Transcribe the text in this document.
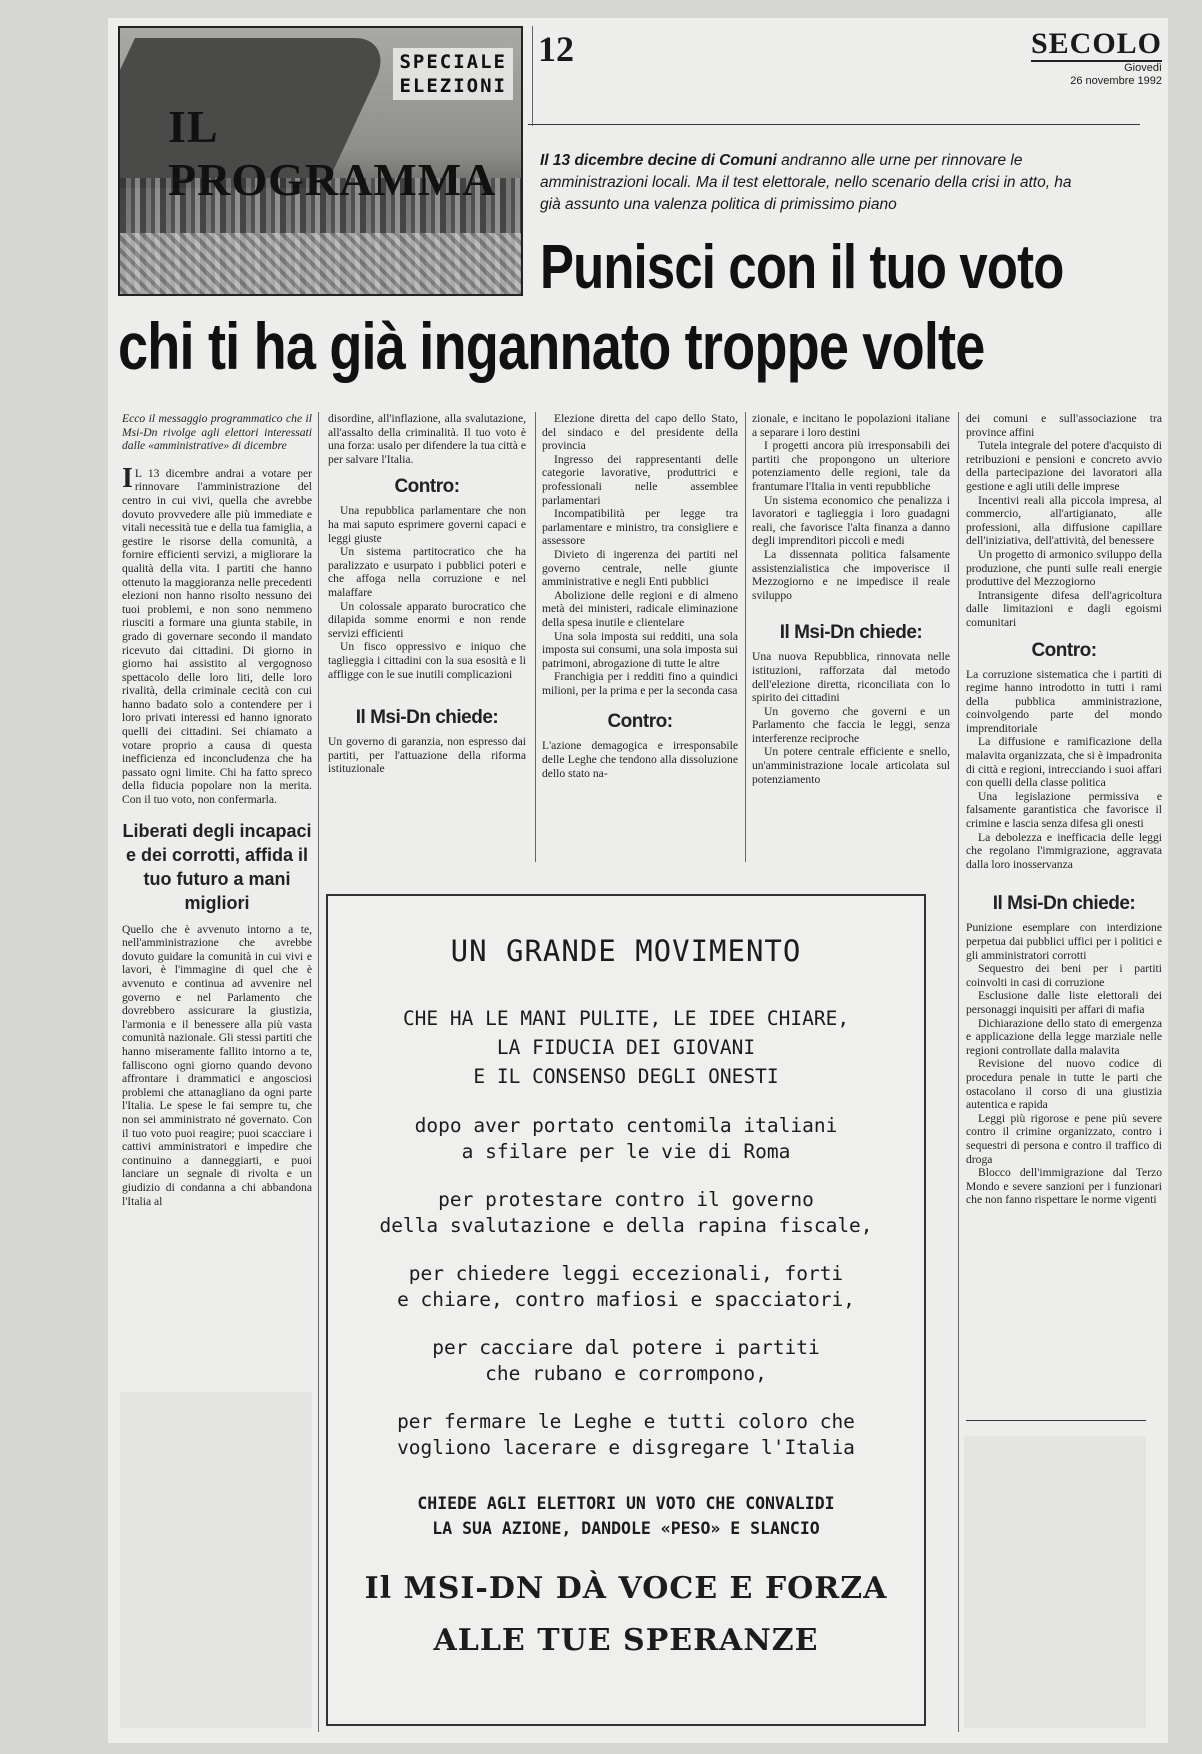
SPECIALE
ELEZIONI
IL PROGRAMMA
12	SECOLO
Giovedì
26 novembre 1992
Il 13 dicembre decine di Comuni andranno alle urne per rinnovare le amministrazioni locali. Ma il test elettorale, nello scenario della crisi in atto, ha già assunto una valenza politica di primissimo piano
Punisci con il tuo voto
chi ti ha già ingannato troppe volte

Ecco il messaggio programmatico che il Msi-Dn rivolge agli elettori interessati dalle «amministrative» di dicembre

IL 13 dicembre andrai a votare per rinnovare l'amministrazione del centro in cui vivi, quella che avrebbe dovuto provvedere alle più immediate e vitali necessità tue e della tua famiglia, a gestire le risorse della comunità, a fornire efficienti servizi, a migliorare la qualità della vita. I partiti che hanno ottenuto la maggioranza nelle precedenti elezioni non hanno risolto nessuno dei tuoi problemi, e non sono nemmeno riusciti a formare una giunta stabile, in grado di governare secondo il mandato ricevuto dai cittadini. Di giorno in giorno hai assistito al vergognoso spettacolo delle loro liti, delle loro rivalità, della criminale cecità con cui hanno badato solo a contendere per i loro privati interessi ed hanno ignorato quelli dei cittadini. Sei chiamato a votare proprio a causa di questa inefficienza ed inconcludenza che ha passato ogni limite. Chi ha fatto spreco della fiducia popolare non la merita. Con il tuo voto, non confermarla.

Liberati degli incapaci e dei corrotti, affida il tuo futuro a mani migliori

Quello che è avvenuto intorno a te, nell'amministrazione che avrebbe dovuto guidare la comunità in cui vivi e lavori, è l'immagine di quel che è avvenuto e continua ad avvenire nel governo e nel Parlamento che dovrebbero assicurare la giustizia, l'armonia e il benessere alla più vasta comunità nazionale. Gli stessi partiti che hanno miseramente fallito intorno a te, falliscono ogni giorno quando devono affrontare i drammatici e angosciosi problemi che attanagliano da ogni parte l'Italia. Le spese le fai sempre tu, che non sei amministrato né governato. Con il tuo voto puoi reagire; puoi scacciare i cattivi amministratori e impedire che continuino a danneggiarti, e puoi lanciare un segnale di rivolta e un giudizio di condanna a chi abbandona l'Italia al

disordine, all'inflazione, alla svalutazione, all'assalto della criminalità. Il tuo voto è una forza: usalo per difendere la tua città e per salvare l'Italia.

Contro:

Una repubblica parlamentare che non ha mai saputo esprimere governi capaci e leggi giuste

Un sistema partitocratico che ha paralizzato e usurpato i pubblici poteri e che affoga nella corruzione e nel malaffare

Un colossale apparato burocratico che dilapida somme enormi e non rende servizi efficienti

Un fisco oppressivo e iniquo che taglieggia i cittadini con la sua esosità e li affligge con le sue inutili complicazioni

Il Msi-Dn chiede:

Un governo di garanzia, non espresso dai partiti, per l'attuazione della riforma istituzionale

Elezione diretta del capo dello Stato, del sindaco e del presidente della provincia

Ingresso dei rappresentanti delle categorie lavorative, produttrici e professionali nelle assemblee parlamentari

Incompatibilità per legge tra parlamentare e ministro, tra consigliere e assessore

Divieto di ingerenza dei partiti nel governo centrale, nelle giunte amministrative e negli Enti pubblici

Abolizione delle regioni e di almeno metà dei ministeri, radicale eliminazione della spesa inutile e clientelare

Una sola imposta sui redditi, una sola imposta sui consumi, una sola imposta sui patrimoni, abrogazione di tutte le altre

Franchigia per i redditi fino a quindici milioni, per la prima e per la seconda casa

Contro:

L'azione demagogica e irresponsabile delle Leghe che tendono alla dissoluzione dello stato na-

zionale, e incitano le popolazioni italiane a separare i loro destini

I progetti ancora più irresponsabili dei partiti che propongono un ulteriore potenziamento delle regioni, tale da frantumare l'Italia in venti repubbliche

Un sistema economico che penalizza i lavoratori e taglieggia i loro guadagni reali, che favorisce l'alta finanza a danno degli imprenditori piccoli e medi

La dissennata politica falsamente assistenzialistica che impoverisce il Mezzogiorno e ne impedisce il reale sviluppo

Il Msi-Dn chiede:

Una nuova Repubblica, rinnovata nelle istituzioni, rafforzata dal metodo dell'elezione diretta, riconciliata con lo spirito dei cittadini

Un governo che governi e un Parlamento che faccia le leggi, senza interferenze reciproche

Un potere centrale efficiente e snello, un'amministrazione locale articolata sul potenziamento

dei comuni e sull'associazione tra province affini

Tutela integrale del potere d'acquisto di retribuzioni e pensioni e concreto avvio della partecipazione dei lavoratori alla gestione e agli utili delle imprese

Incentivi reali alla piccola impresa, al commercio, all'artigianato, alle professioni, alla diffusione capillare dell'iniziativa, dell'attività, del benessere

Un progetto di armonico sviluppo della produzione, che punti sulle reali energie produttive del Mezzogiorno

Intransigente difesa dell'agricoltura dalle limitazioni e dagli egoismi comunitari

Contro:

La corruzione sistematica che i partiti di regime hanno introdotto in tutti i rami della pubblica amministrazione, coinvolgendo parte del mondo imprenditoriale

La diffusione e ramificazione della malavita organizzata, che si è impadronita di città e regioni, intrecciando i suoi affari con quelli della classe politica

Una legislazione permissiva e falsamente garantistica che favorisce il crimine e lascia senza difesa gli onesti

La debolezza e inefficacia delle leggi che regolano l'immigrazione, aggravata dalla loro inosservanza

Il Msi-Dn chiede:

Punizione esemplare con interdizione perpetua dai pubblici uffici per i politici e gli amministratori corrotti

Sequestro dei beni per i partiti coinvolti in casi di corruzione

Esclusione dalle liste elettorali dei personaggi inquisiti per affari di mafia

Dichiarazione dello stato di emergenza e applicazione della legge marziale nelle regioni controllate dalla malavita

Revisione del nuovo codice di procedura penale in tutte le parti che ostacolano il corso di una giustizia autentica e rapida

Leggi più rigorose e pene più severe contro il crimine organizzato, contro i sequestri di persona e contro il traffico di droga

Blocco dell'immigrazione dal Terzo Mondo e severe sanzioni per i funzionari che non fanno rispettare le norme vigenti

UN GRANDE MOVIMENTO
CHE HA LE MANI PULITE, LE IDEE CHIARE,
LA FIDUCIA DEI GIOVANI
E IL CONSENSO DEGLI ONESTI
dopo aver portato centomila italiani
a sfilare per le vie di Roma
per protestare contro il governo
della svalutazione e della rapina fiscale,
per chiedere leggi eccezionali, forti
e chiare, contro mafiosi e spacciatori,
per cacciare dal potere i partiti
che rubano e corrompono,
per fermare le Leghe e tutti coloro che
vogliono lacerare e disgregare l'Italia
CHIEDE AGLI ELETTORI UN VOTO CHE CONVALIDI
LA SUA AZIONE, DANDOLE «PESO» E SLANCIO
Il MSI-DN DÀ VOCE E FORZA
ALLE TUE SPERANZE
